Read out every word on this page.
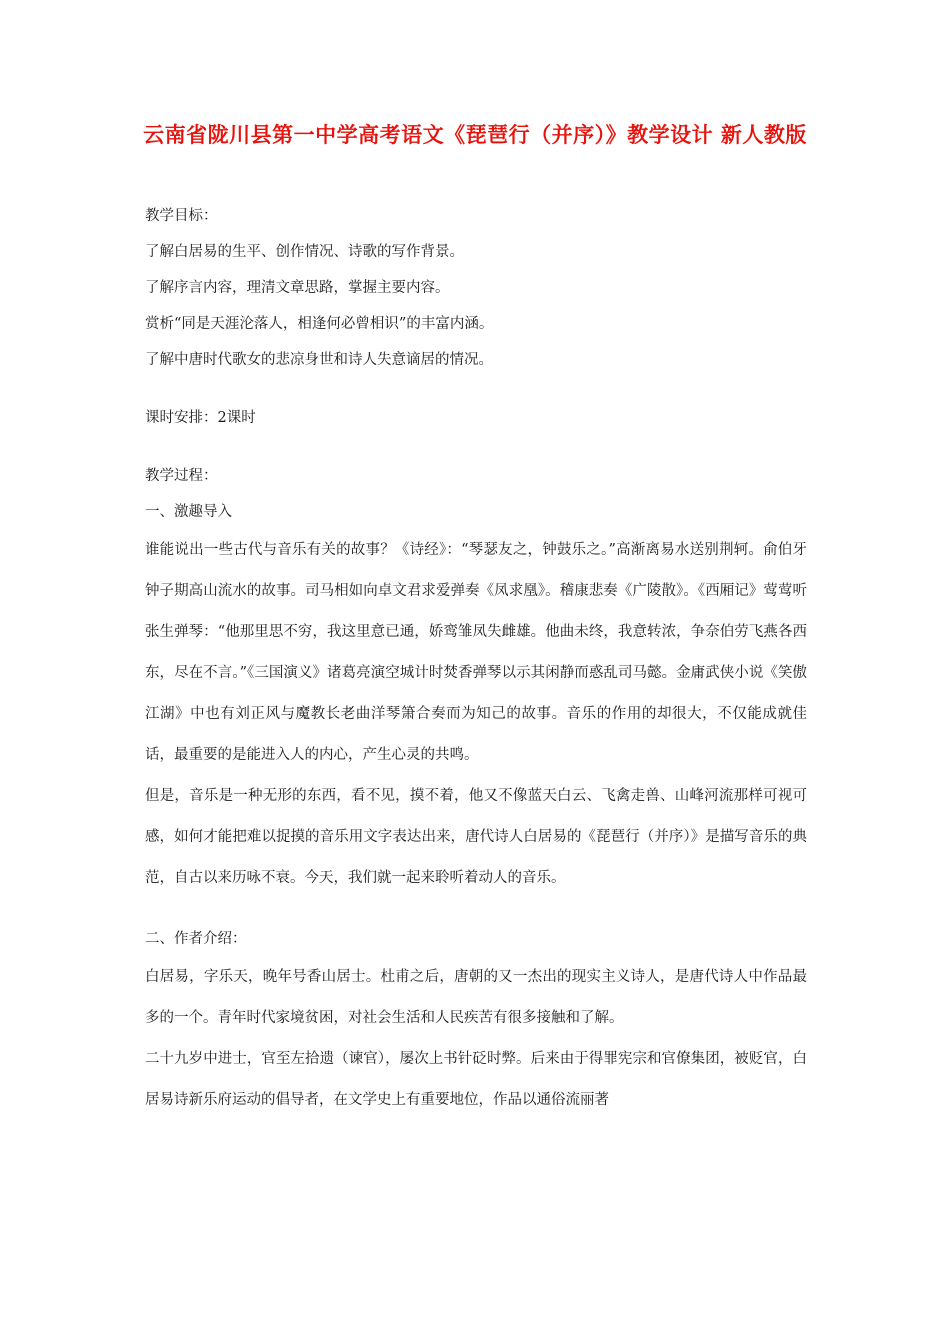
云南省陇川县第一中学高考语文《琵琶行（并序）》教学设计 新人教版
教学目标：
了解白居易的生平、创作情况、诗歌的写作背景。
了解序言内容，理清文章思路，掌握主要内容。
赏析“同是天涯沦落人，相逢何必曾相识”的丰富内涵。
了解中唐时代歌女的悲凉身世和诗人失意谪居的情况。
课时安排：2课时
教学过程：
一、激趣导入

谁能说出一些古代与音乐有关的故事？《诗经》：“琴瑟友之，钟鼓乐之。”高渐离易水送别荆轲。俞伯牙钟子期高山流水的故事。司马相如向卓文君求爱弹奏《凤求凰》。稽康悲奏《广陵散》。《西厢记》莺莺听张生弹琴：“他那里思不穷，我这里意已通，娇鸾雏凤失雌雄。他曲未终，我意转浓，争奈伯劳飞燕各西东，尽在不言。”《三国演义》诸葛亮演空城计时焚香弹琴以示其闲静而惑乱司马懿。金庸武侠小说《笑傲江湖》中也有刘正风与魔教长老曲洋琴箫合奏而为知己的故事。音乐的作用的却很大，不仅能成就佳话，最重要的是能进入人的内心，产生心灵的共鸣。

但是，音乐是一种无形的东西，看不见，摸不着，他又不像蓝天白云、飞禽走兽、山峰河流那样可视可感，如何才能把难以捉摸的音乐用文字表达出来，唐代诗人白居易的《琵琶行（并序）》是描写音乐的典范，自古以来历咏不衰。今天，我们就一起来聆听着动人的音乐。

二、作者介绍：

白居易，字乐天，晚年号香山居士。杜甫之后，唐朝的又一杰出的现实主义诗人，是唐代诗人中作品最多的一个。青年时代家境贫困，对社会生活和人民疾苦有很多接触和了解。

二十九岁中进士，官至左拾遗（谏官），屡次上书针砭时弊。后来由于得罪宪宗和官僚集团，被贬官，白居易诗新乐府运动的倡导者，在文学史上有重要地位，作品以通俗流丽著
